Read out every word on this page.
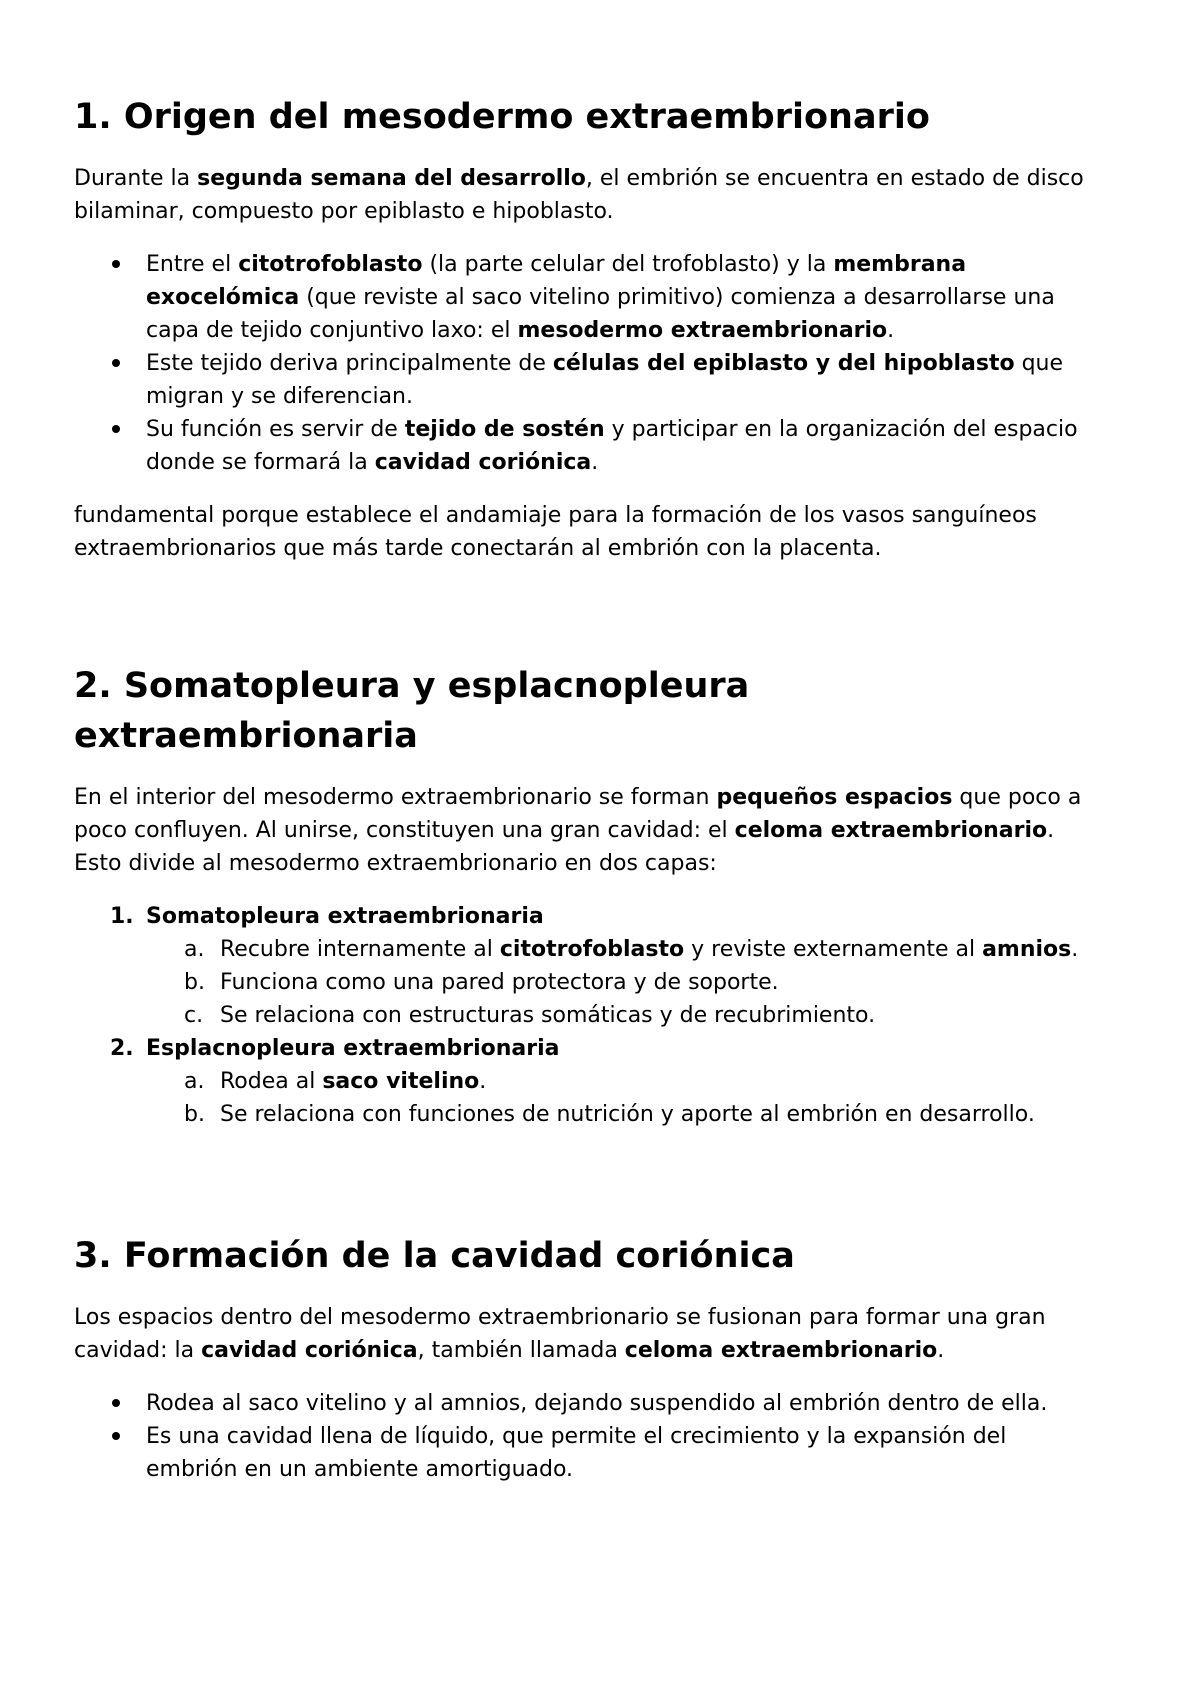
1. Origen del mesodermo extraembrionario

Durante la segunda semana del desarrollo, el embrión se encuentra en estado de disco bilaminar, compuesto por epiblasto e hipoblasto.

Entre el citotrofoblasto (la parte celular del trofoblasto) y la membrana exocelómica (que reviste al saco vitelino primitivo) comienza a desarrollarse una capa de tejido conjuntivo laxo: el mesodermo extraembrionario.
Este tejido deriva principalmente de células del epiblasto y del hipoblasto que migran y se diferencian.
Su función es servir de tejido de sostén y participar en la organización del espacio donde se formará la cavidad coriónica.

fundamental porque establece el andamiaje para la formación de los vasos sanguíneos extraembrionarios que más tarde conectarán al embrión con la placenta.

2. Somatopleura y esplacnopleura extraembrionaria

En el interior del mesodermo extraembrionario se forman pequeños espacios que poco a poco confluyen. Al unirse, constituyen una gran cavidad: el celoma extraembrionario.

Esto divide al mesodermo extraembrionario en dos capas:

1. Somatopleura extraembrionaria
a. Recubre internamente al citotrofoblasto y reviste externamente al amnios.
b. Funciona como una pared protectora y de soporte.
c. Se relaciona con estructuras somáticas y de recubrimiento.
2. Esplacnopleura extraembrionaria
a. Rodea al saco vitelino.
b. Se relaciona con funciones de nutrición y aporte al embrión en desarrollo.
3. Formación de la cavidad coriónica

Los espacios dentro del mesodermo extraembrionario se fusionan para formar una gran cavidad: la cavidad coriónica, también llamada celoma extraembrionario.

Rodea al saco vitelino y al amnios, dejando suspendido al embrión dentro de ella.
Es una cavidad llena de líquido, que permite el crecimiento y la expansión del embrión en un ambiente amortiguado.
